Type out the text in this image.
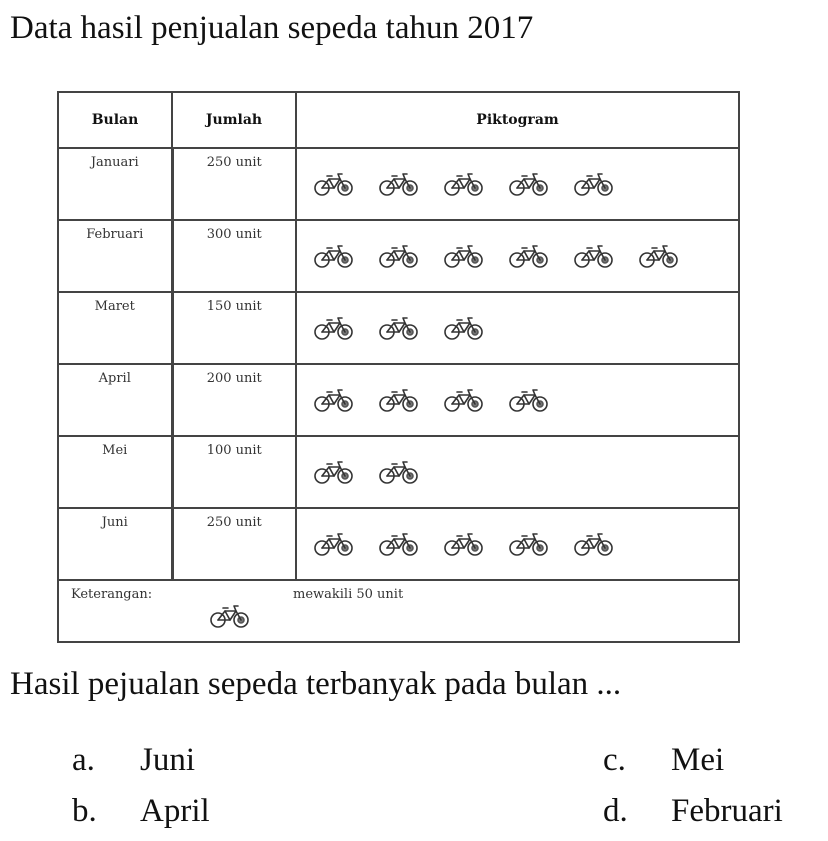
Data hasil penjualan sepeda tahun 2017
Bulan	Jumlah	Piktogram
Januari	250 unit	

Februari	300 unit	

Maret	150 unit	

April	200 unit	

Mei	100 unit	

Juni	250 unit	

Keterangan: mewakili 50 unit		
Hasil pejualan sepeda terbanyak pada bulan ...
a. Juni
b. April
c. Mei
d. Februari
